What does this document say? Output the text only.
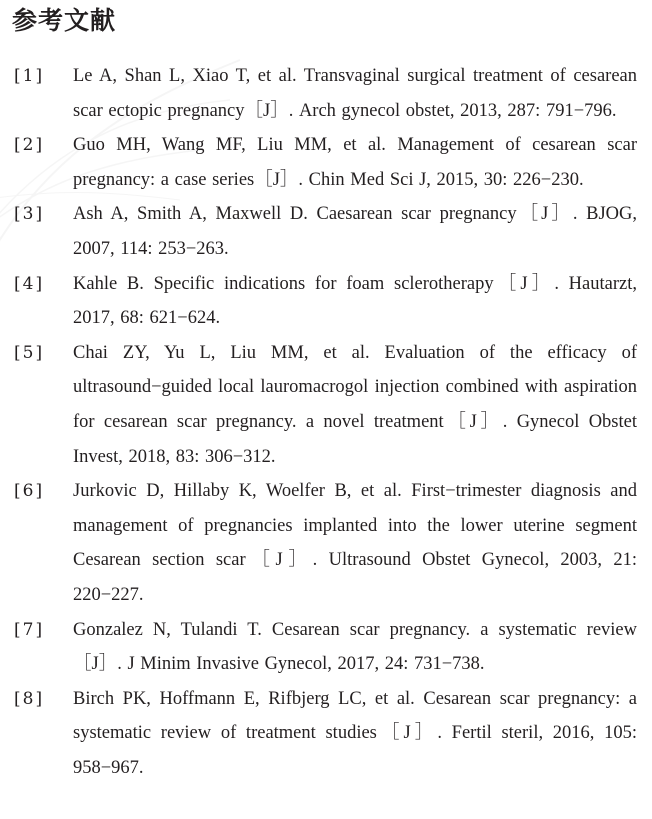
参考文献
[1]	Le A, Shan L, Xiao T, et al. Transvaginal surgical treatment of cesarean scar ectopic pregnancy［J］. Arch gynecol obstet, 2013, 287: 791−796.
[2]	Guo MH, Wang MF, Liu MM, et al. Management of cesarean scar pregnancy: a case series［J］. Chin Med Sci J, 2015, 30: 226−230.
[3]	Ash A, Smith A, Maxwell D. Caesarean scar pregnancy［J］. BJOG, 2007, 114: 253−263.
[4]	Kahle B. Specific indications for foam sclerotherapy［J］. Hautarzt, 2017, 68: 621−624.
[5]	Chai ZY, Yu L, Liu MM, et al. Evaluation of the efficacy of ultrasound−guided local lauromacrogol injection combined with aspiration for cesarean scar pregnancy. a novel treatment［J］. Gynecol Obstet Invest, 2018, 83: 306−312.
[6]	Jurkovic D, Hillaby K, Woelfer B, et al. First−trimester diagnosis and management of pregnancies implanted into the lower uterine segment Cesarean section scar［J］. Ultrasound Obstet Gynecol, 2003, 21: 220−227.
[7]	Gonzalez N, Tulandi T. Cesarean scar pregnancy. a systematic review［J］. J Minim Invasive Gynecol, 2017, 24: 731−738.
[8]	Birch PK, Hoffmann E, Rifbjerg LC, et al. Cesarean scar pregnancy: a systematic review of treatment studies［J］. Fertil steril, 2016, 105: 958−967.
